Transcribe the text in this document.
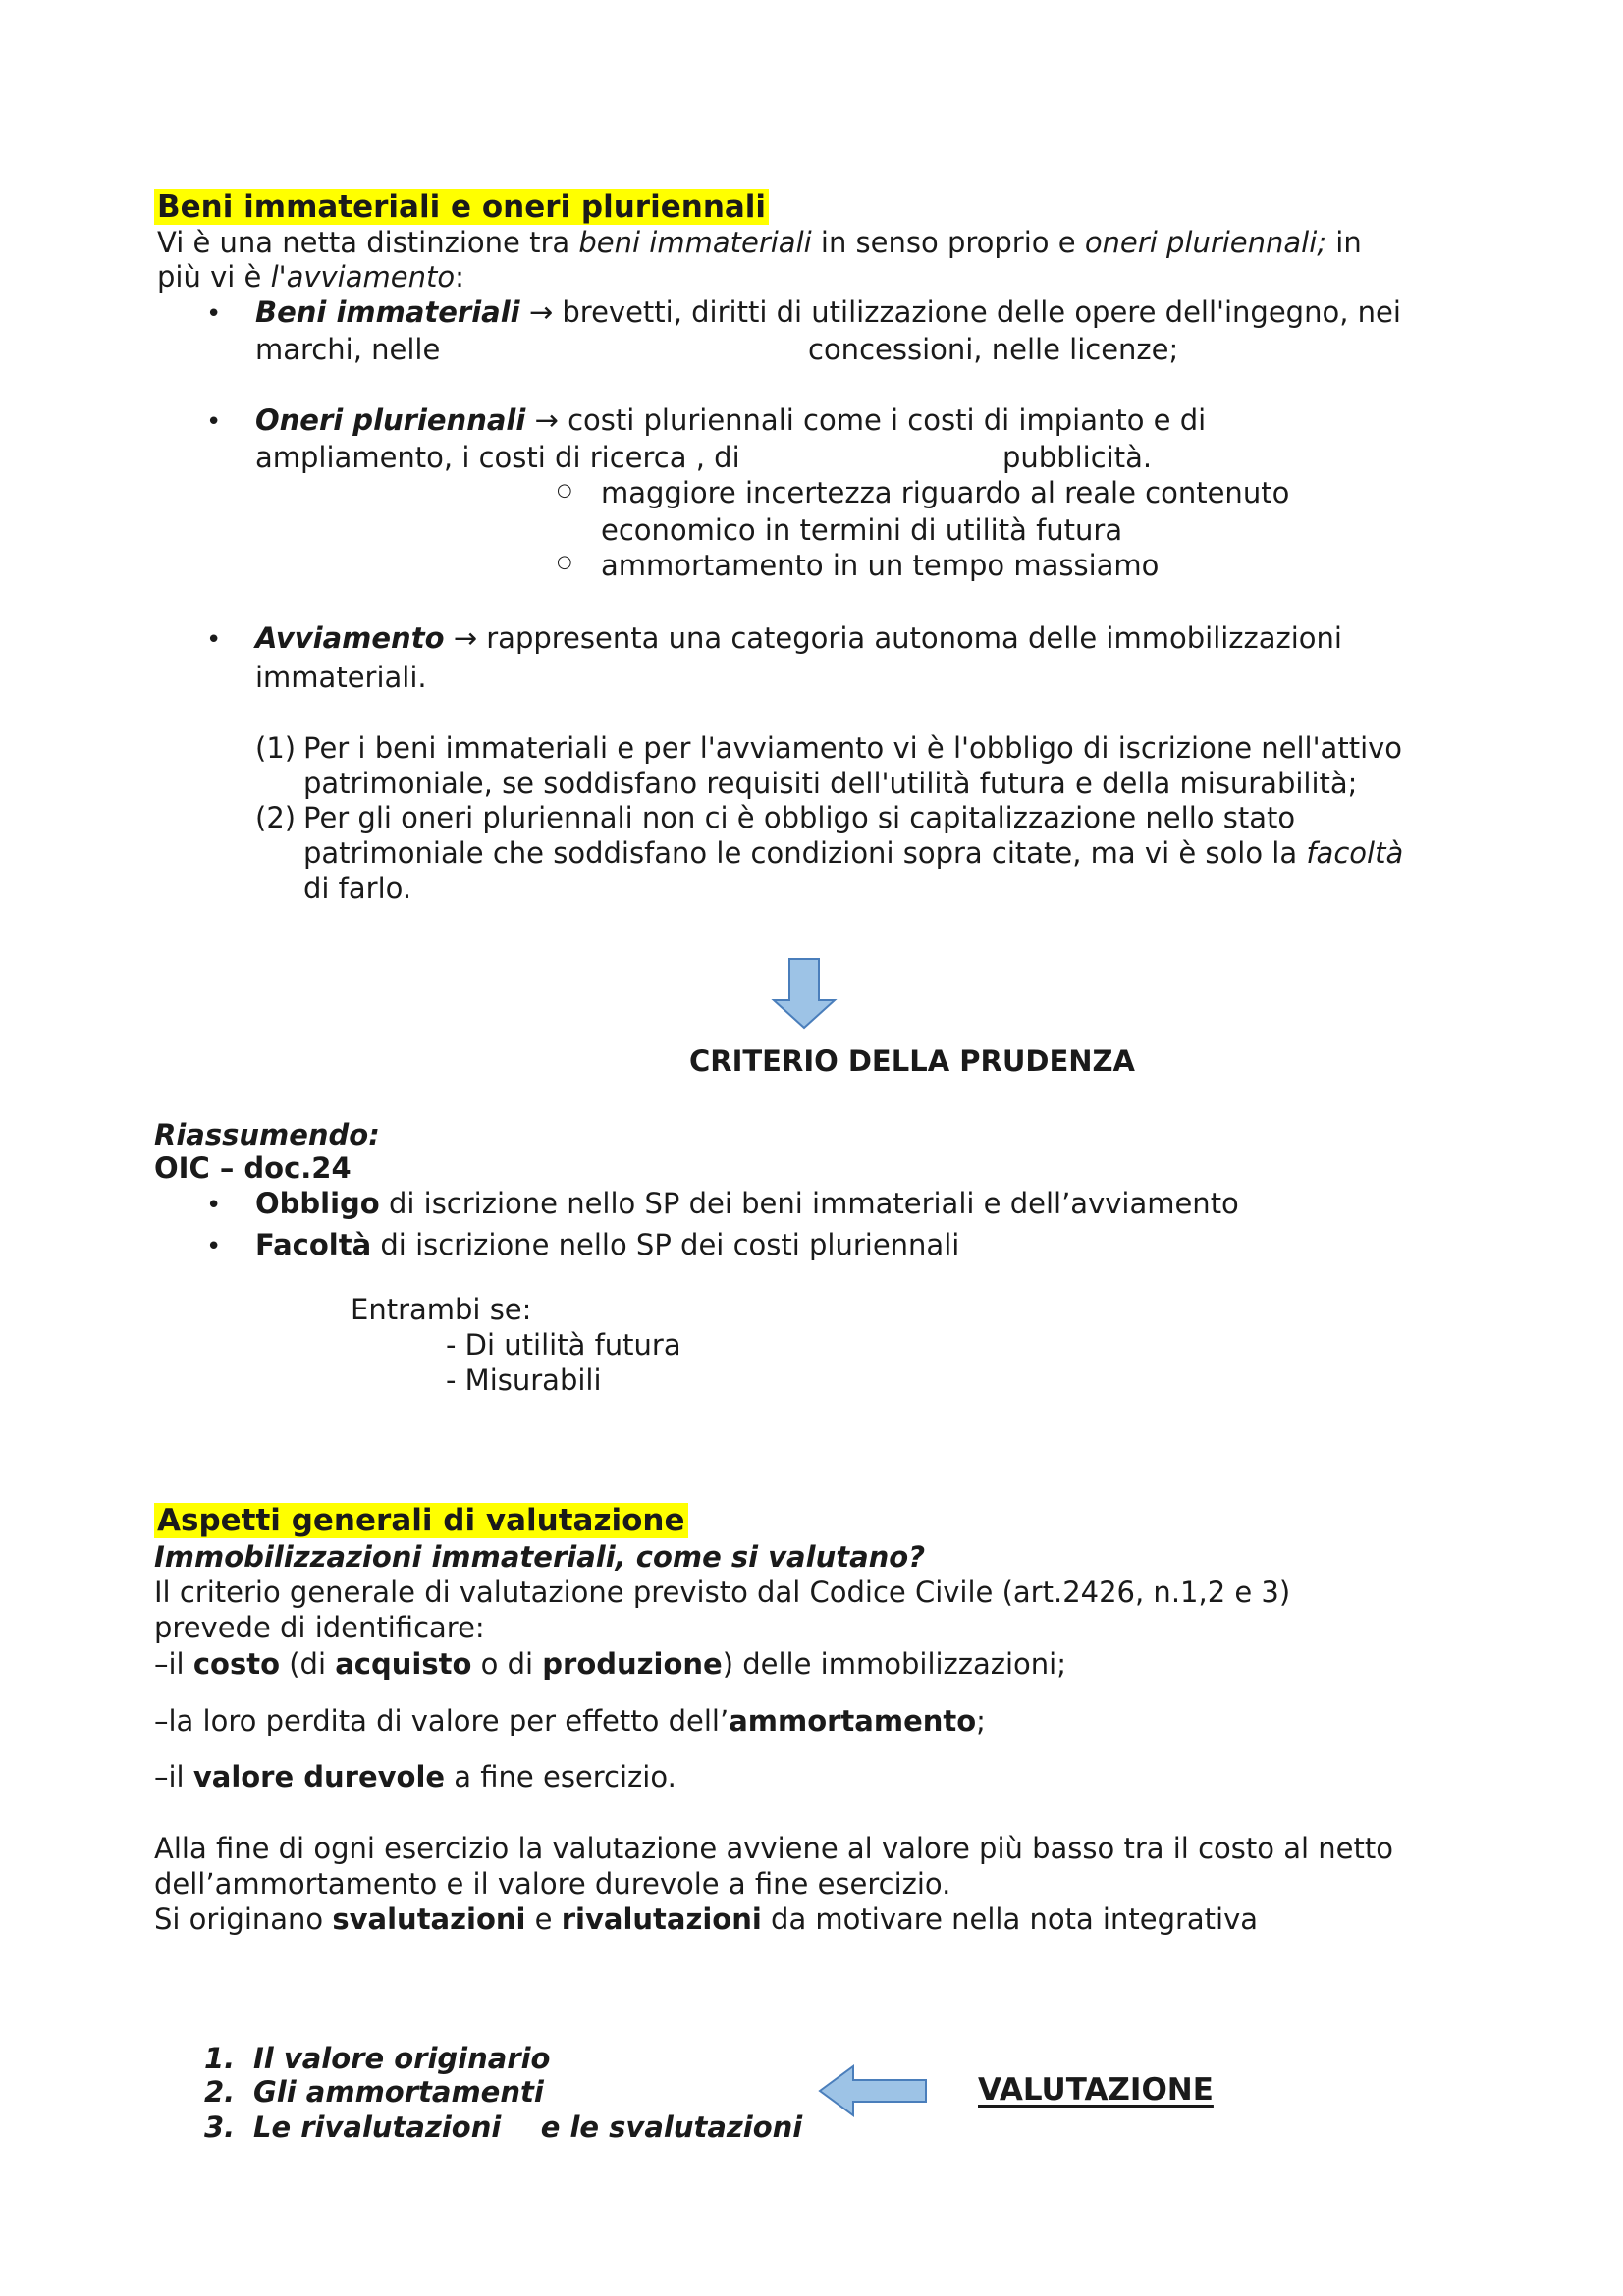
Beni immateriali e oneri pluriennali
Vi è una netta distinzione tra beni immateriali in senso proprio e oneri pluriennali; in
più vi è l'avviamento:
• Beni immateriali → brevetti, diritti di utilizzazione delle opere dell'ingegno, nei
marchi, nelle	concessioni, nelle licenze;
• Oneri pluriennali → costi pluriennali come i costi di impianto e di
ampliamento, i costi di ricerca , di	pubblicità.
○ maggiore incertezza riguardo al reale contenuto
economico in termini di utilità futura
○ ammortamento in un tempo massiamo
• Avviamento → rappresenta una categoria autonoma delle immobilizzazioni
immateriali.
(1) Per i beni immateriali e per l'avviamento vi è l'obbligo di iscrizione nell'attivo
patrimoniale, se soddisfano requisiti dell'utilità futura e della misurabilità;
(2) Per gli oneri pluriennali non ci è obbligo si capitalizzazione nello stato
patrimoniale che soddisfano le condizioni sopra citate, ma vi è solo la facoltà
di farlo.
CRITERIO DELLA PRUDENZA
Riassumendo:
OIC – doc.24
• Obbligo di iscrizione nello SP dei beni immateriali e dell’avviamento
• Facoltà di iscrizione nello SP dei costi pluriennali
Entrambi se:
- Di utilità futura
- Misurabili
Aspetti generali di valutazione
Immobilizzazioni immateriali, come si valutano?
Il criterio generale di valutazione previsto dal Codice Civile (art.2426, n.1,2 e 3)
prevede di identificare:
–il costo (di acquisto o di produzione) delle immobilizzazioni;
–la loro perdita di valore per effetto dell’ammortamento;
–il valore durevole a fine esercizio.
Alla fine di ogni esercizio la valutazione avviene al valore più basso tra il costo al netto
dell’ammortamento e il valore durevole a fine esercizio.
Si originano svalutazioni e rivalutazioni da motivare nella nota integrativa
1. Il valore originario
2. Gli ammortamenti
3. Le rivalutazioni    e le svalutazioni
VALUTAZIONE
